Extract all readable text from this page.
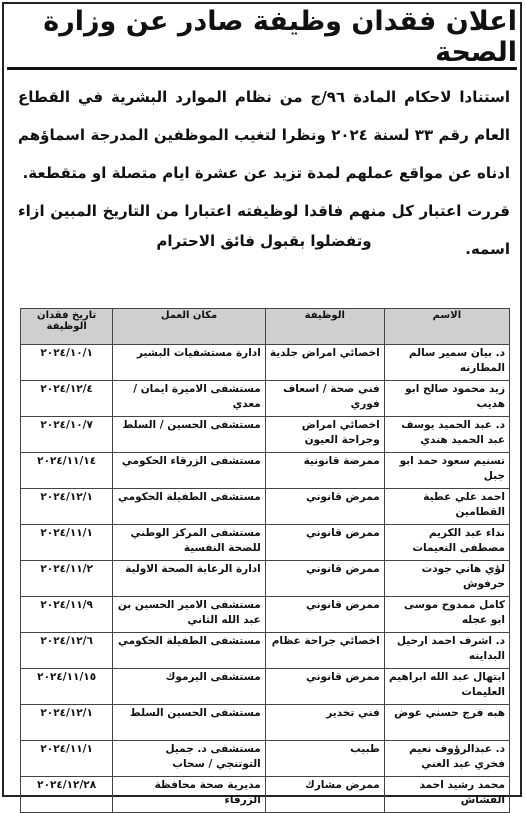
اعلان فقدان وظيفة صادر عن وزارة الصحة

استنادا لاحكام المادة ٩٦/ج من نظام الموارد البشرية في القطاع العام رقم ٣٣ لسنة ٢٠٢٤ ونظرا لتغيب الموظفين المدرجة اسماؤهم ادناه عن مواقع عملهم لمدة تزيد عن عشرة ايام متصلة او متقطعة.

قررت اعتبار كل منهم فاقدا لوظيفته اعتبارا من التاريخ المبين ازاء اسمه.

وتفضلوا بقبول فائق الاحترام
الاسم	الوظيفة	مكان العمل	تاريخ فقدان الوظيفة
د. بيان سمير سالم المطارنه	اخصائي امراض جلدية	ادارة مستشفيات البشير	٢٠٢٤/١٠/١
زيد محمود صالح ابو هديب	فني صحة / اسعاف فوري	مستشفى الاميرة ايمان / معدي	٢٠٢٤/١٢/٤
د. عبد الحميد يوسف عبد الحميد هندي	اخصائي امراض وجراحة العيون	مستشفى الحسين / السلط	٢٠٢٤/١٠/٧
تسنيم سعود حمد ابو جبل	ممرضة قانونية	مستشفى الزرقاء الحكومي	٢٠٢٤/١١/١٤
احمد علي عطية القطامين	ممرض قانوني	مستشفى الطفيلة الحكومي	٢٠٢٤/١٢/١
نداء عبد الكريم مصطفى النعيمات	ممرض قانوني	مستشفى المركز الوطني للصحة النفسية	٢٠٢٤/١١/١
لؤي هاني جودت حرفوش	ممرض قانوني	ادارة الرعاية الصحة الاولية	٢٠٢٤/١١/٢
كامل ممدوح موسى ابو عجله	ممرض قانوني	مستشفى الامير الحسين بن عبد الله الثاني	٢٠٢٤/١١/٩
د. اشرف احمد ارحيل البداينه	اخصائي جراحة عظام	مستشفى الطفيلة الحكومي	٢٠٢٤/١٢/٦
ابتهال عبد الله ابراهيم العليمات	ممرض قانوني	مستشفى اليرموك	٢٠٢٤/١١/١٥
هبه فرج حسني عوض	فني تخدير	مستشفى الحسين السلط	٢٠٢٤/١٢/١
د. عبدالرؤوف نعيم فخري عبد الغني	طبيب	مستشفى د. جميل التوتنجي / سحاب	٢٠٢٤/١١/١
محمد رشيد احمد القشاش	ممرض مشارك	مديرية صحة محافظة الزرقاء	٢٠٢٤/١٢/٢٨
